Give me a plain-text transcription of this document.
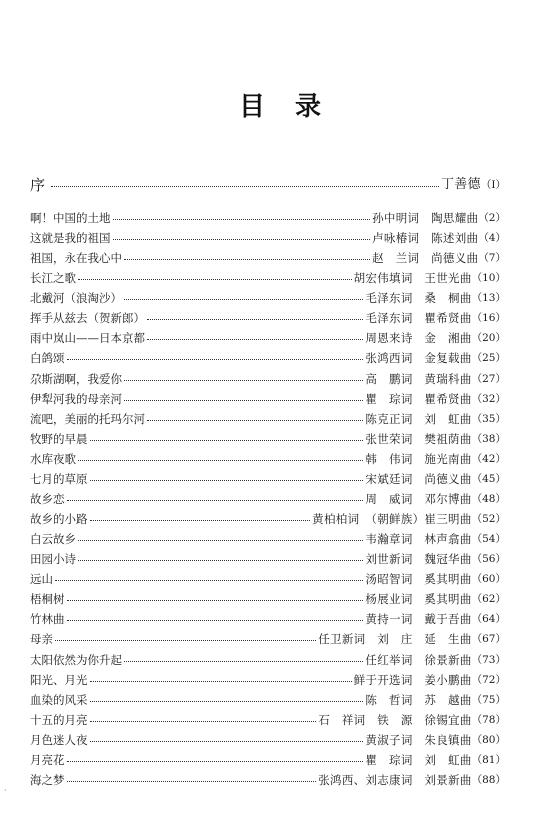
目录
序	丁善德 （I）
啊！中国的土地	孙中明词　陶思耀曲 （2）
这就是我的祖国	卢咏椿词　陈述刘曲 （4）
祖国，永在我心中	赵　兰词　尚德义曲 （7）
长江之歌	胡宏伟填词　王世光曲 （10）
北戴河（浪淘沙）	毛泽东词　桑　桐曲 （13）
挥手从兹去（贺新郎）	毛泽东词　瞿希贤曲 （16）
雨中岚山——日本京都	周恩来诗　金　湘曲 （20）
白鸽颂	张鸿西词　金复载曲 （25）
尕斯湖啊，我爱你	高　鹏词　黄瑞科曲 （27）
伊犁河我的母亲河	瞿　琮词　瞿希贤曲 （32）
流吧，美丽的托玛尔河	陈克正词　刘　虹曲 （35）
牧野的早晨	张世荣词　樊祖荫曲 （38）
水库夜歌	韩　伟词　施光南曲 （42）
七月的草原	宋斌廷词　尚德义曲 （45）
故乡恋	周　威词　邓尔博曲 （48）
故乡的小路	黄柏柏词　（朝鲜族）崔三明曲 （52）
白云故乡	韦瀚章词　林声翕曲 （54）
田园小诗	刘世新词　魏冠华曲 （56）
远山	汤昭智词　奚其明曲 （60）
梧桐树	杨展业词　奚其明曲 （62）
竹林曲	黄持一词　戴于吾曲 （64）
母亲	任卫新词　刘　庄　延　生曲 （67）
太阳依然为你升起	任红举词　徐景新曲 （73）
阳光、月光	鲜于开选词　姜小鹏曲 （72）
血染的风采	陈　哲词　苏　越曲 （75）
十五的月亮	石　祥词　铁　源　徐锡宜曲 （78）
月色迷人夜	黄淑子词　朱良镇曲 （80）
月亮花	瞿　琮词　刘　虹曲 （81）
海之梦	张鸿西、刘志康词　刘景新曲 （88）
·
